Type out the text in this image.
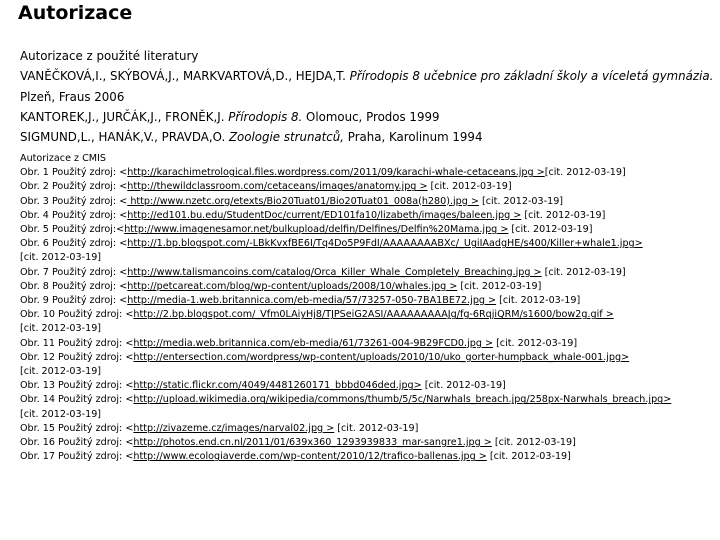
Autorizace
Autorizace z použité literatury
VANĚČKOVÁ,I., SKÝBOVÁ,J., MARKVARTOVÁ,D., HEJDA,T. Přírodopis 8 učebnice pro základní školy a víceletá gymnázia.
Plzeň, Fraus 2006
KANTOREK,J., JURČÁK,J., FRONĚK,J. Přírodopis 8. Olomouc, Prodos 1999
SIGMUND,L., HANÁK,V., PRAVDA,O. Zoologie strunatců, Praha, Karolinum 1994
Autorizace z CMIS
Obr. 1 Použitý zdroj: <http://karachimetrological.files.wordpress.com/2011/09/karachi-whale-cetaceans.jpg >[cit. 2012-03-19]
Obr. 2 Použitý zdroj: <http://thewildclassroom.com/cetaceans/images/anatomy.jpg > [cit. 2012-03-19]
Obr. 3 Použitý zdroj: < http://www.nzetc.org/etexts/Bio20Tuat01/Bio20Tuat01_008a(h280).jpg > [cit. 2012-03-19]
Obr. 4 Použitý zdroj: <http://ed101.bu.edu/StudentDoc/current/ED101fa10/lizabeth/images/baleen.jpg > [cit. 2012-03-19]
Obr. 5 Použitý zdroj:<http://www.imagenesamor.net/bulkupload/delfin/Delfines/Delfin%20Mama.jpg > [cit. 2012-03-19]
Obr. 6 Použitý zdroj: <http://1.bp.blogspot.com/-LBkKvxfBE6I/Tq4Do5P9FdI/AAAAAAAABXc/_UgiIAadgHE/s400/Killer+whale1.jpg>
[cit. 2012-03-19]
Obr. 7 Použitý zdroj: <http://www.talismancoins.com/catalog/Orca_Killer_Whale_Completely_Breaching.jpg > [cit. 2012-03-19]
Obr. 8 Použitý zdroj: <http://petcareat.com/blog/wp-content/uploads/2008/10/whales.jpg > [cit. 2012-03-19]
Obr. 9 Použitý zdroj: <http://media-1.web.britannica.com/eb-media/57/73257-050-7BA1BE72.jpg > [cit. 2012-03-19]
Obr. 10 Použitý zdroj: <http://2.bp.blogspot.com/_Vfm0LAiyHj8/TJPSeiG2ASI/AAAAAAAAAJg/fg-6RqjiQRM/s1600/bow2g.gif >
[cit. 2012-03-19]
Obr. 11 Použitý zdroj: <http://media.web.britannica.com/eb-media/61/73261-004-9B29FCD0.jpg > [cit. 2012-03-19]
Obr. 12 Použitý zdroj: <http://entersection.com/wordpress/wp-content/uploads/2010/10/uko_gorter-humpback_whale-001.jpg>
[cit. 2012-03-19]
Obr. 13 Použitý zdroj: <http://static.flickr.com/4049/4481260171_bbbd046ded.jpg> [cit. 2012-03-19]
Obr. 14 Použitý zdroj: <http://upload.wikimedia.org/wikipedia/commons/thumb/5/5c/Narwhals_breach.jpg/258px-Narwhals_breach.jpg>
[cit. 2012-03-19]
Obr. 15 Použitý zdroj: <http://zivazeme.cz/images/narval02.jpg > [cit. 2012-03-19]
Obr. 16 Použitý zdroj: <http://photos.end.cn.nl/2011/01/639x360_1293939833_mar-sangre1.jpg > [cit. 2012-03-19]
Obr. 17 Použitý zdroj: <http://www.ecologiaverde.com/wp-content/2010/12/trafico-ballenas.jpg > [cit. 2012-03-19]
